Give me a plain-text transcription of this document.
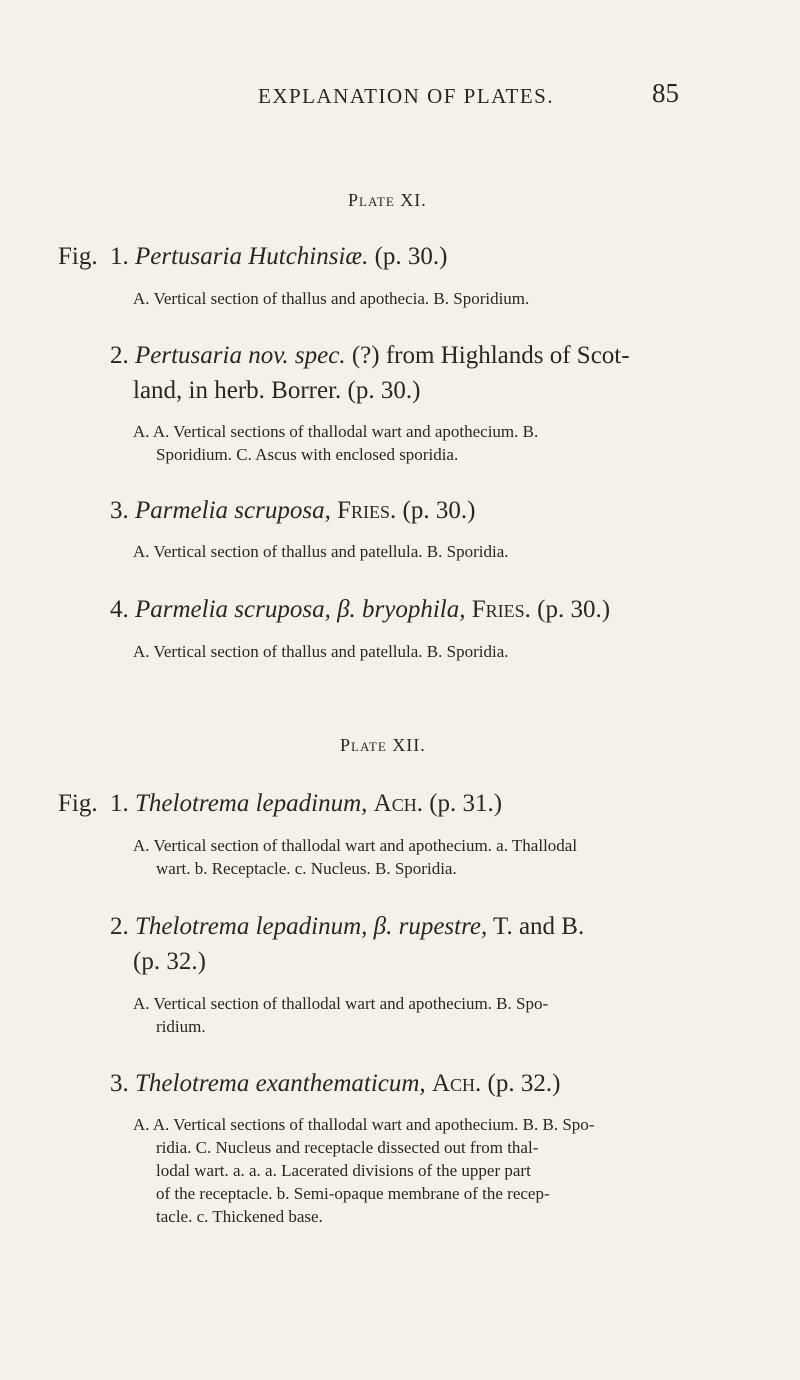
EXPLANATION OF PLATES.	85
Plate XI.
Fig. 1. Pertusaria Hutchinsiæ. (p. 30.)
A. Vertical section of thallus and apothecia. B. Sporidium.
2. Pertusaria nov. spec. (?) from Highlands of Scot-
land, in herb. Borrer. (p. 30.)
A. A. Vertical sections of thallodal wart and apothecium. B.
Sporidium. C. Ascus with enclosed sporidia.
3. Parmelia scruposa, Fries. (p. 30.)
A. Vertical section of thallus and patellula. B. Sporidia.
4. Parmelia scruposa, β. bryophila, Fries. (p. 30.)
A. Vertical section of thallus and patellula. B. Sporidia.
Plate XII.
Fig. 1. Thelotrema lepadinum, Ach. (p. 31.)
A. Vertical section of thallodal wart and apothecium. a. Thallodal
wart. b. Receptacle. c. Nucleus. B. Sporidia.
2. Thelotrema lepadinum, β. rupestre, T. and B.
(p. 32.)
A. Vertical section of thallodal wart and apothecium. B. Spo-
ridium.
3. Thelotrema exanthematicum, Ach. (p. 32.)
A. A. Vertical sections of thallodal wart and apothecium. B. B. Spo-
ridia. C. Nucleus and receptacle dissected out from thal-
lodal wart. a. a. a. Lacerated divisions of the upper part
of the receptacle. b. Semi-opaque membrane of the recep-
tacle. c. Thickened base.
